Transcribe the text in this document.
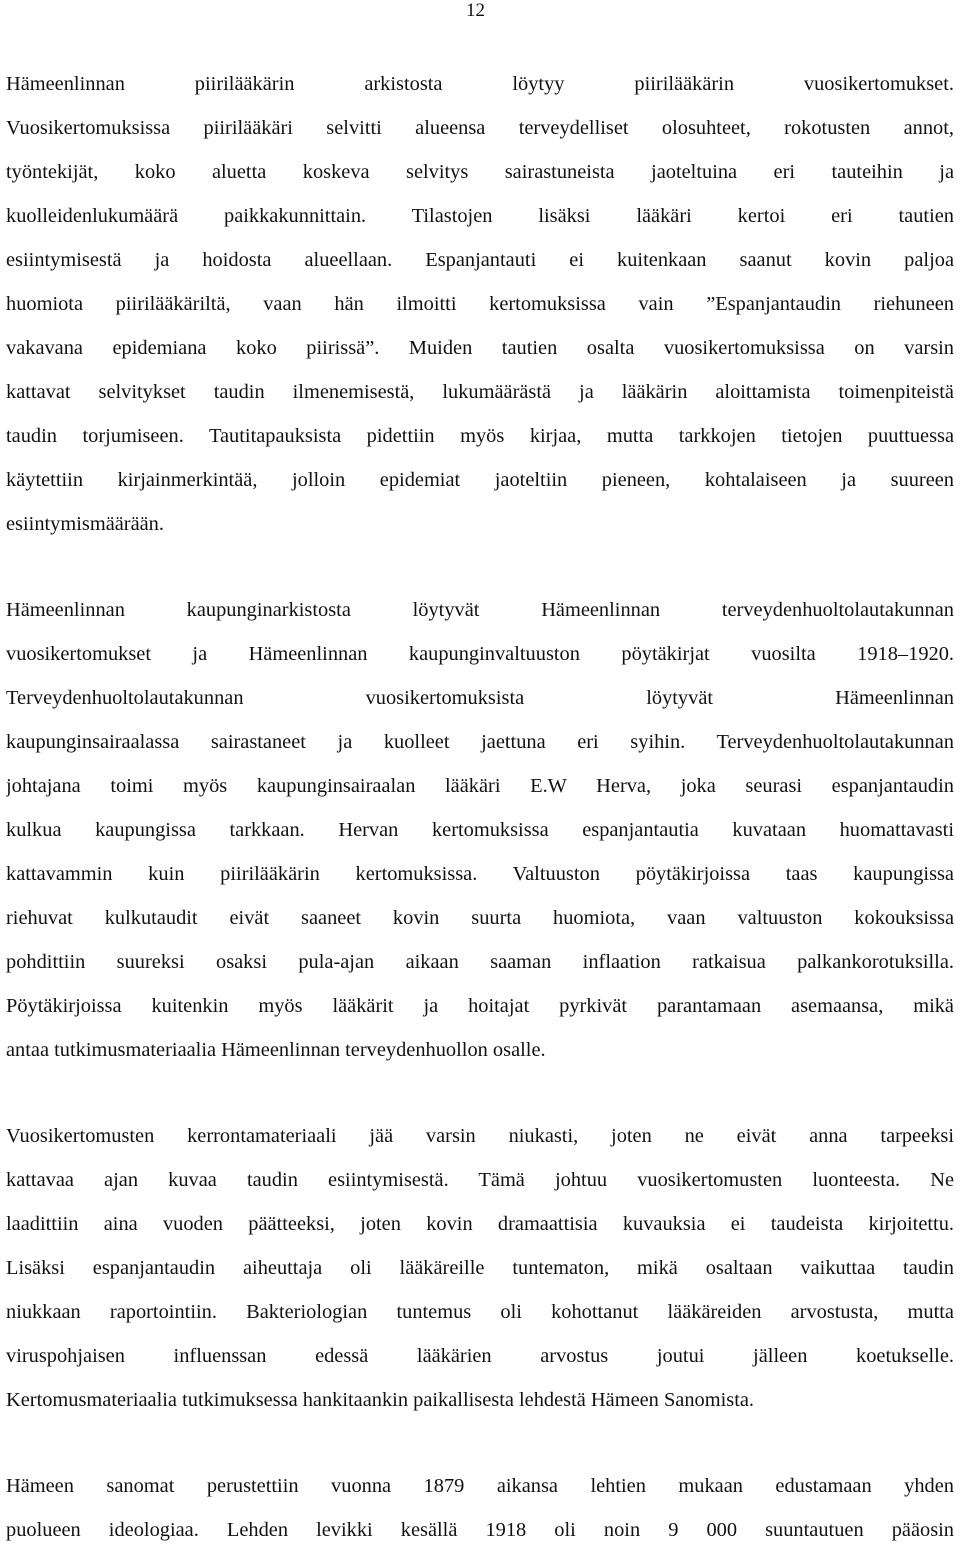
12
Hämeenlinnan piirilääkärin arkistosta löytyy piirilääkärin vuosikertomukset.
Vuosikertomuksissa piirilääkäri selvitti alueensa terveydelliset olosuhteet, rokotusten annot,
työntekijät, koko aluetta koskeva selvitys sairastuneista jaoteltuina eri tauteihin ja
kuolleidenlukumäärä paikkakunnittain. Tilastojen lisäksi lääkäri kertoi eri tautien
esiintymisestä ja hoidosta alueellaan. Espanjantauti ei kuitenkaan saanut kovin paljoa
huomiota piirilääkäriltä, vaan hän ilmoitti kertomuksissa vain ”Espanjantaudin riehuneen
vakavana epidemiana koko piirissä”. Muiden tautien osalta vuosikertomuksissa on varsin
kattavat selvitykset taudin ilmenemisestä, lukumäärästä ja lääkärin aloittamista toimenpiteistä
taudin torjumiseen. Tautitapauksista pidettiin myös kirjaa, mutta tarkkojen tietojen puuttuessa
käytettiin kirjainmerkintää, jolloin epidemiat jaoteltiin pieneen, kohtalaiseen ja suureen
esiintymismäärään.
Hämeenlinnan kaupunginarkistosta löytyvät Hämeenlinnan terveydenhuoltolautakunnan
vuosikertomukset ja Hämeenlinnan kaupunginvaltuuston pöytäkirjat vuosilta 1918–1920.
Terveydenhuoltolautakunnan vuosikertomuksista löytyvät Hämeenlinnan
kaupunginsairaalassa sairastaneet ja kuolleet jaettuna eri syihin. Terveydenhuoltolautakunnan
johtajana toimi myös kaupunginsairaalan lääkäri E.W Herva, joka seurasi espanjantaudin
kulkua kaupungissa tarkkaan. Hervan kertomuksissa espanjantautia kuvataan huomattavasti
kattavammin kuin piirilääkärin kertomuksissa. Valtuuston pöytäkirjoissa taas kaupungissa
riehuvat kulkutaudit eivät saaneet kovin suurta huomiota, vaan valtuuston kokouksissa
pohdittiin suureksi osaksi pula-ajan aikaan saaman inflaation ratkaisua palkankorotuksilla.
Pöytäkirjoissa kuitenkin myös lääkärit ja hoitajat pyrkivät parantamaan asemaansa, mikä
antaa tutkimusmateriaalia Hämeenlinnan terveydenhuollon osalle.
Vuosikertomusten kerrontamateriaali jää varsin niukasti, joten ne eivät anna tarpeeksi
kattavaa ajan kuvaa taudin esiintymisestä. Tämä johtuu vuosikertomusten luonteesta. Ne
laadittiin aina vuoden päätteeksi, joten kovin dramaattisia kuvauksia ei taudeista kirjoitettu.
Lisäksi espanjantaudin aiheuttaja oli lääkäreille tuntematon, mikä osaltaan vaikuttaa taudin
niukkaan raportointiin. Bakteriologian tuntemus oli kohottanut lääkäreiden arvostusta, mutta
viruspohjaisen influenssan edessä lääkärien arvostus joutui jälleen koetukselle.
Kertomusmateriaalia tutkimuksessa hankitaankin paikallisesta lehdestä Hämeen Sanomista.
Hämeen sanomat perustettiin vuonna 1879 aikansa lehtien mukaan edustamaan yhden
puolueen ideologiaa. Lehden levikki kesällä 1918 oli noin 9 000 suuntautuen pääosin
